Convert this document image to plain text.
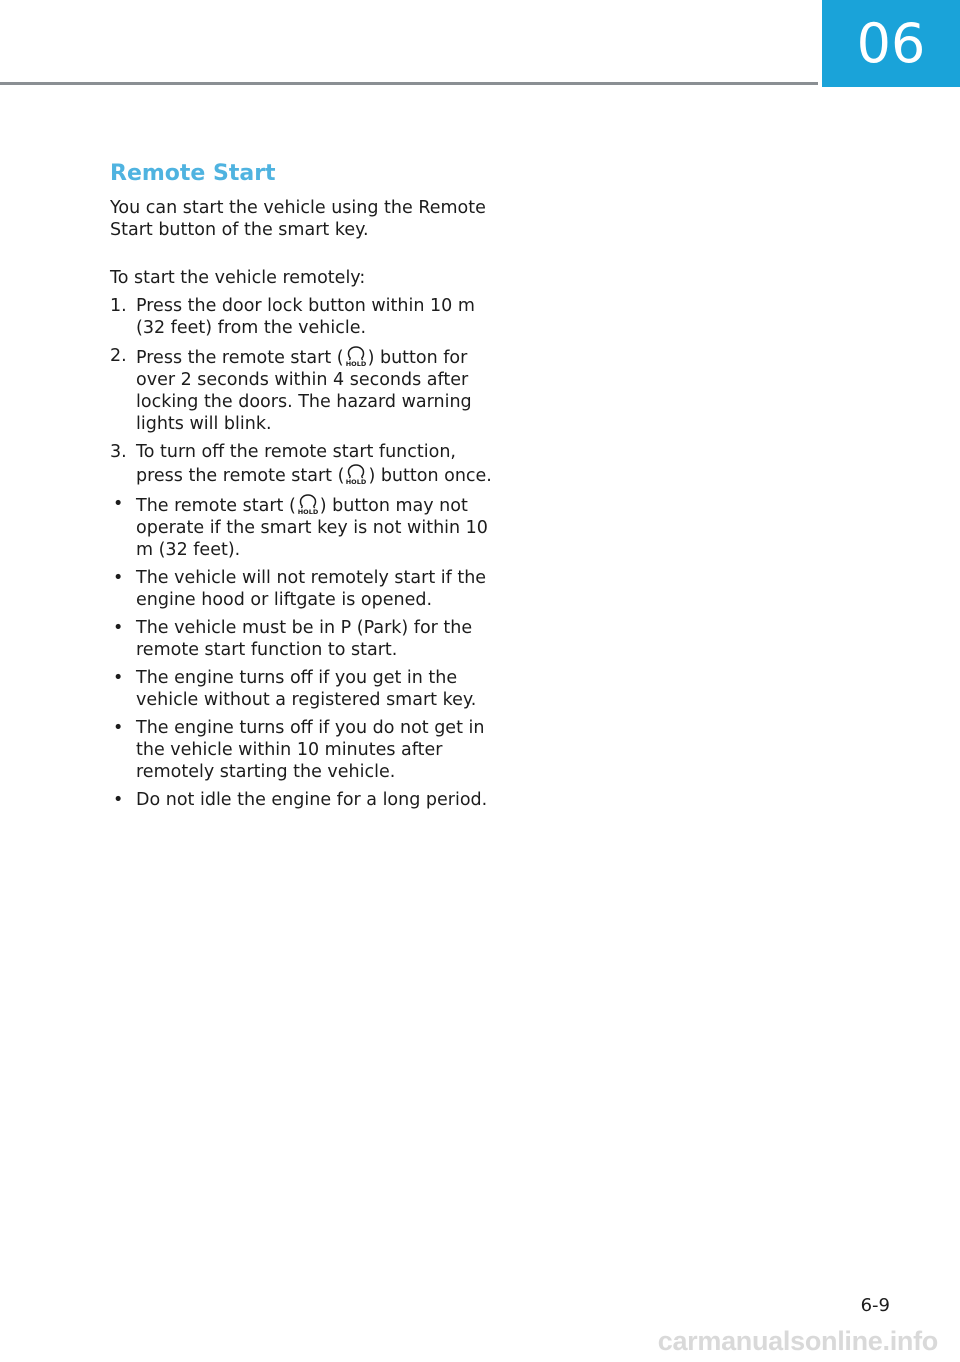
06
Remote Start

You can start the vehicle using the Remote Start button of the smart key.

To start the vehicle remotely:

1. Press the door lock button within 10 m (32 feet) from the vehicle.
2. Press the remote start ( HOLD ) button for over 2 seconds within 4 seconds after locking the doors. The hazard warning lights will blink.
3. To turn off the remote start function, press the remote start ( HOLD ) button once.
• The remote start ( HOLD ) button may not operate if the smart key is not within 10 m (32 feet).
• The vehicle will not remotely start if the engine hood or liftgate is opened.
• The vehicle must be in P (Park) for the remote start function to start.
• The engine turns off if you get in the vehicle without a registered smart key.
• The engine turns off if you do not get in the vehicle within 10 minutes after remotely starting the vehicle.
• Do not idle the engine for a long period.
6-9
carmanualsonline.info
